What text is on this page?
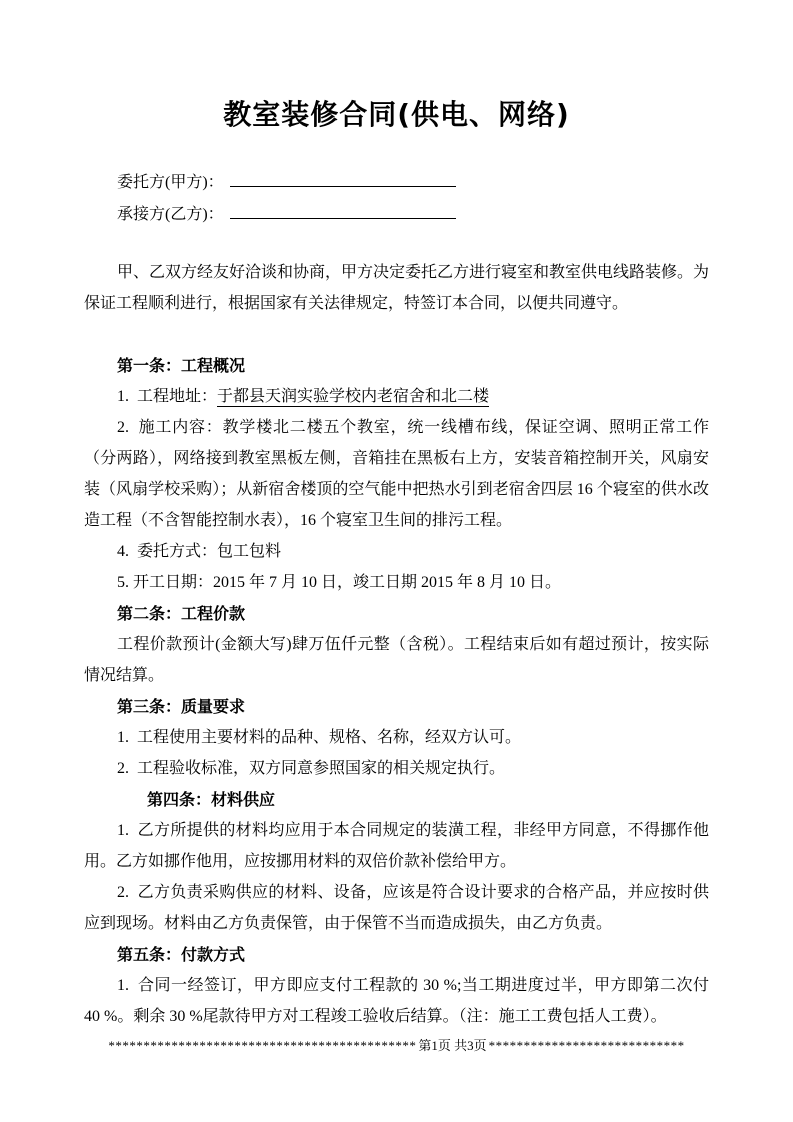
教室装修合同(供电、网络)
委托方(甲方)：
承接方(乙方)：

甲、乙双方经友好洽谈和协商，甲方决定委托乙方进行寝室和教室供电线路装修。为保证工程顺利进行，根据国家有关法律规定，特签订本合同，以便共同遵守。

第一条：工程概况

1.  工程地址：于都县天润实验学校内老宿舍和北二楼

2.  施工内容：教学楼北二楼五个教室，统一线槽布线，保证空调、照明正常工作（分两路），网络接到教室黑板左侧，音箱挂在黑板右上方，安装音箱控制开关，风扇安装（风扇学校采购）；从新宿舍楼顶的空气能中把热水引到老宿舍四层 16 个寝室的供水改造工程（不含智能控制水表），16 个寝室卫生间的排污工程。

4.  委托方式：包工包料

5. 开工日期：2015 年 7 月 10 日，竣工日期 2015 年 8 月 10 日。

第二条：工程价款

工程价款预计(金额大写)肆万伍仟元整（含税）。工程结束后如有超过预计，按实际情况结算。

第三条：质量要求

1.  工程使用主要材料的品种、规格、名称，经双方认可。

2.  工程验收标准，双方同意参照国家的相关规定执行。

第四条：材料供应

1.  乙方所提供的材料均应用于本合同规定的装潢工程，非经甲方同意，不得挪作他用。乙方如挪作他用，应按挪用材料的双倍价款补偿给甲方。

2.  乙方负责采购供应的材料、设备，应该是符合设计要求的合格产品，并应按时供应到现场。材料由乙方负责保管，由于保管不当而造成损失，由乙方负责。

第五条：付款方式

1.  合同一经签订，甲方即应支付工程款的 30 %;当工期进度过半，甲方即第二次付 40 %。剩余 30 %尾款待甲方对工程竣工验收后结算。（注：施工工费包括人工费）。

******************************************** 第1页 共3页 ****************************
